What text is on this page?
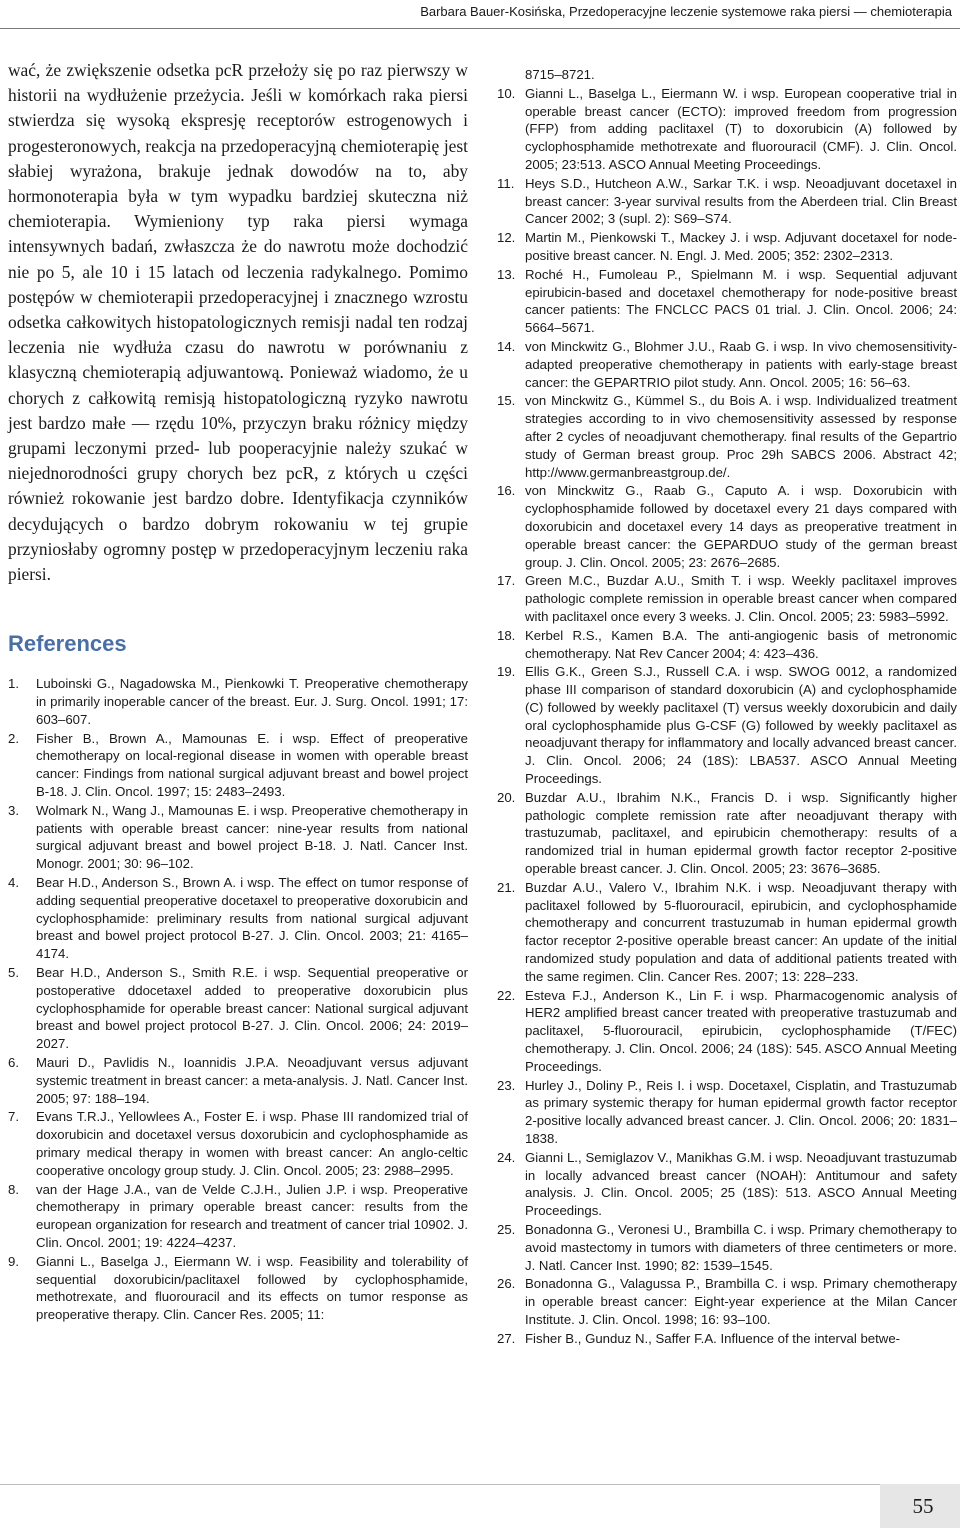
Barbara Bauer-Kosińska, Przedoperacyjne leczenie systemowe raka piersi — chemioterapia

wać, że zwiększenie odsetka pcR przełoży się po raz pierwszy w historii na wydłużenie przeżycia. Jeśli w komórkach raka piersi stwierdza się wysoką ekspresję receptorów estrogenowych i progesteronowych, reakcja na przedoperacyjną chemioterapię jest słabiej wyrażona, brakuje jednak dowodów na to, aby hormonoterapia była w tym wypadku bardziej skuteczna niż chemioterapia. Wymieniony typ raka piersi wymaga intensywnych badań, zwłaszcza że do nawrotu może dochodzić nie po 5, ale 10 i 15 latach od leczenia radykalnego. Pomimo postępów w chemioterapii przedoperacyjnej i znacznego wzrostu odsetka całkowitych histopatologicznych remisji nadal ten rodzaj leczenia nie wydłuża czasu do nawrotu w porównaniu z klasyczną chemioterapią adjuwantową. Ponieważ wiadomo, że u chorych z całkowitą remisją histopatologiczną ryzyko nawrotu jest bardzo małe — rzędu 10%, przyczyn braku różnicy między grupami leczonymi przed- lub pooperacyjnie należy szukać w niejednorodności grupy chorych bez pcR, z których u części również rokowanie jest bardzo dobre. Identyfikacja czynników decydujących o bardzo dobrym rokowaniu w tej grupie przyniosłaby ogromny postęp w przedoperacyjnym leczeniu raka piersi.

References
1. Luboinski G., Nagadowska M., Pienkowki T. Preoperative chemotherapy in primarily inoperable cancer of the breast. Eur. J. Surg. Oncol. 1991; 17: 603–607.
2. Fisher B., Brown A., Mamounas E. i wsp. Effect of preoperative chemotherapy on local-regional disease in women with operable breast cancer: Findings from national surgical adjuvant breast and bowel project B-18. J. Clin. Oncol. 1997; 15: 2483–2493.
3. Wolmark N., Wang J., Mamounas E. i wsp. Preoperative chemotherapy in patients with operable breast cancer: nine-year results from national surgical adjuvant breast and bowel project B-18. J. Natl. Cancer Inst. Monogr. 2001; 30: 96–102.
4. Bear H.D., Anderson S., Brown A. i wsp. The effect on tumor response of adding sequential preoperative docetaxel to preoperative doxorubicin and cyclophosphamide: preliminary results from national surgical adjuvant breast and bowel project protocol B-27. J. Clin. Oncol. 2003; 21: 4165–4174.
5. Bear H.D., Anderson S., Smith R.E. i wsp. Sequential preoperative or postoperative ddocetaxel added to preoperative doxorubicin plus cyclophosphamide for operable breast cancer: National surgical adjuvant breast and bowel project protocol B-27. J. Clin. Oncol. 2006; 24: 2019–2027.
6. Mauri D., Pavlidis N., Ioannidis J.P.A. Neoadjuvant versus adjuvant systemic treatment in breast cancer: a meta-analysis. J. Natl. Cancer Inst. 2005; 97: 188–194.
7. Evans T.R.J., Yellowlees A., Foster E. i wsp. Phase III randomized trial of doxorubicin and docetaxel versus doxorubicin and cyclophosphamide as primary medical therapy in women with breast cancer: An anglo-celtic cooperative oncology group study. J. Clin. Oncol. 2005; 23: 2988–2995.
8. van der Hage J.A., van de Velde C.J.H., Julien J.P. i wsp. Preoperative chemotherapy in primary operable breast cancer: results from the european organization for research and treatment of cancer trial 10902. J. Clin. Oncol. 2001; 19: 4224–4237.
9. Gianni L., Baselga J., Eiermann W. i wsp. Feasibility and tolerability of sequential doxorubicin/paclitaxel followed by cyclophosphamide, methotrexate, and fluorouracil and its effects on tumor response as preoperative therapy. Clin. Cancer Res. 2005; 11:
8715–8721.
10. Gianni L., Baselga L., Eiermann W. i wsp. European cooperative trial in operable breast cancer (ECTO): improved freedom from progression (FFP) from adding paclitaxel (T) to doxorubicin (A) followed by cyclophosphamide methotrexate and fluorouracil (CMF). J. Clin. Oncol. 2005; 23:513. ASCO Annual Meeting Proceedings.
11. Heys S.D., Hutcheon A.W., Sarkar T.K. i wsp. Neoadjuvant docetaxel in breast cancer: 3-year survival results from the Aberdeen trial. Clin Breast Cancer 2002; 3 (supl. 2): S69–S74.
12. Martin M., Pienkowski T., Mackey J. i wsp. Adjuvant docetaxel for node-positive breast cancer. N. Engl. J. Med. 2005; 352: 2302–2313.
13. Roché H., Fumoleau P., Spielmann M. i wsp. Sequential adjuvant epirubicin-based and docetaxel chemotherapy for node-positive breast cancer patients: The FNCLCC PACS 01 trial. J. Clin. Oncol. 2006; 24: 5664–5671.
14. von Minckwitz G., Blohmer J.U., Raab G. i wsp. In vivo chemosensitivity-adapted preoperative chemotherapy in patients with early-stage breast cancer: the GEPARTRIO pilot study. Ann. Oncol. 2005; 16: 56–63.
15. von Minckwitz G., Kümmel S., du Bois A. i wsp. Individualized treatment strategies according to in vivo chemosensitivity assessed by response after 2 cycles of neoadjuvant chemotherapy. final results of the Gepartrio study of German breast group. Proc 29h SABCS 2006. Abstract 42; http://www.germanbreastgroup.de/.
16. von Minckwitz G., Raab G., Caputo A. i wsp. Doxorubicin with cyclophosphamide followed by docetaxel every 21 days compared with doxorubicin and docetaxel every 14 days as preoperative treatment in operable breast cancer: the GEPARDUO study of the german breast group. J. Clin. Oncol. 2005; 23: 2676–2685.
17. Green M.C., Buzdar A.U., Smith T. i wsp. Weekly paclitaxel improves pathologic complete remission in operable breast cancer when compared with paclitaxel once every 3 weeks. J. Clin. Oncol. 2005; 23: 5983–5992.
18. Kerbel R.S., Kamen B.A. The anti-angiogenic basis of metronomic chemotherapy. Nat Rev Cancer 2004; 4: 423–436.
19. Ellis G.K., Green S.J., Russell C.A. i wsp. SWOG 0012, a randomized phase III comparison of standard doxorubicin (A) and cyclophosphamide (C) followed by weekly paclitaxel (T) versus weekly doxorubicin and daily oral cyclophosphamide plus G-CSF (G) followed by weekly paclitaxel as neoadjuvant therapy for inflammatory and locally advanced breast cancer. J. Clin. Oncol. 2006; 24 (18S): LBA537. ASCO Annual Meeting Proceedings.
20. Buzdar A.U., Ibrahim N.K., Francis D. i wsp. Significantly higher pathologic complete remission rate after neoadjuvant therapy with trastuzumab, paclitaxel, and epirubicin chemotherapy: results of a randomized trial in human epidermal growth factor receptor 2-positive operable breast cancer. J. Clin. Oncol. 2005; 23: 3676–3685.
21. Buzdar A.U., Valero V., Ibrahim N.K. i wsp. Neoadjuvant therapy with paclitaxel followed by 5-fluorouracil, epirubicin, and cyclophosphamide chemotherapy and concurrent trastuzumab in human epidermal growth factor receptor 2-positive operable breast cancer: An update of the initial randomized study population and data of additional patients treated with the same regimen. Clin. Cancer Res. 2007; 13: 228–233.
22. Esteva F.J., Anderson K., Lin F. i wsp. Pharmacogenomic analysis of HER2 amplified breast cancer treated with preoperative trastuzumab and paclitaxel, 5-fluorouracil, epirubicin, cyclophosphamide (T/FEC) chemotherapy. J. Clin. Oncol. 2006; 24 (18S): 545. ASCO Annual Meeting Proceedings.
23. Hurley J., Doliny P., Reis I. i wsp. Docetaxel, Cisplatin, and Trastuzumab as primary systemic therapy for human epidermal growth factor receptor 2-positive locally advanced breast cancer. J. Clin. Oncol. 2006; 20: 1831–1838.
24. Gianni L., Semiglazov V., Manikhas G.M. i wsp. Neoadjuvant trastuzumab in locally advanced breast cancer (NOAH): Antitumour and safety analysis. J. Clin. Oncol. 2005; 25 (18S): 513. ASCO Annual Meeting Proceedings.
25. Bonadonna G., Veronesi U., Brambilla C. i wsp. Primary chemotherapy to avoid mastectomy in tumors with diameters of three centimeters or more. J. Natl. Cancer Inst. 1990; 82: 1539–1545.
26. Bonadonna G., Valagussa P., Brambilla C. i wsp. Primary chemotherapy in operable breast cancer: Eight-year experience at the Milan Cancer Institute. J. Clin. Oncol. 1998; 16: 93–100.
27. Fisher B., Gunduz N., Saffer F.A. Influence of the interval betwe-
55
